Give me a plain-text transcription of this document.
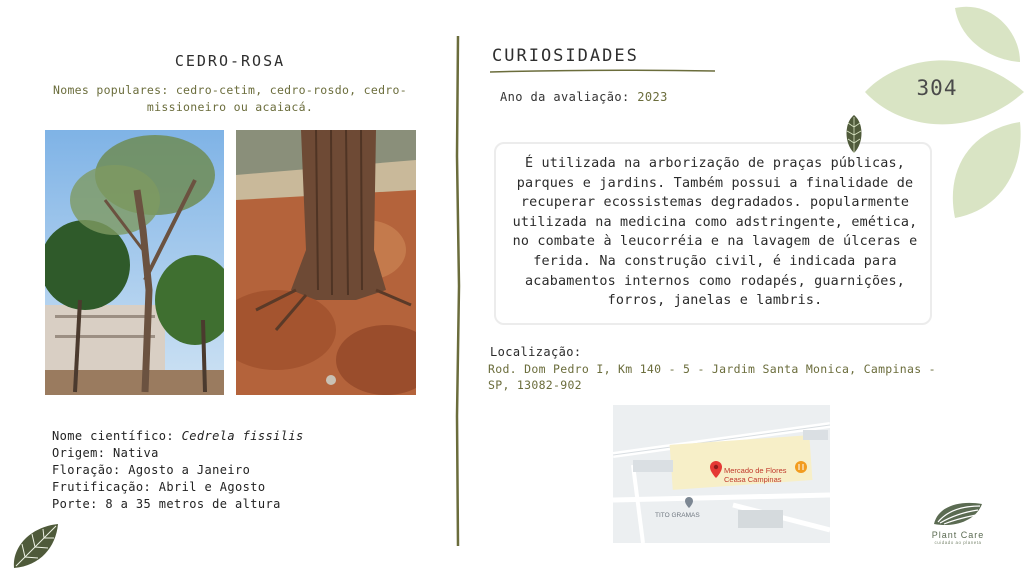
CEDRO-ROSA
Nomes populares: cedro-cetim, cedro-rosdo, cedro-missioneiro ou acaiacá.
Nome científico: Cedrela fissilis
Origem: Nativa
Floração: Agosto a Janeiro
Frutificação: Abril e Agosto
Porte: 8 a 35 metros de altura
CURIOSIDADES
Ano da avaliação: 2023
É utilizada na arborização de praças públicas, parques e jardins. Também possui a finalidade de recuperar ecossistemas degradados. popularmente utilizada na medicina como adstringente, emética, no combate à leucorréia e na lavagem de úlceras e ferida. Na construção civil, é indicada para acabamentos internos como rodapés, guarnições, forros, janelas e lambris.
Localização:
Rod. Dom Pedro I, Km 140 - 5 - Jardim Santa Monica, Campinas - SP, 13082-902
Mercado de Flores
Ceasa Campinas
TITO GRAMAS
304
Plant Care
cuidado ao planeta
